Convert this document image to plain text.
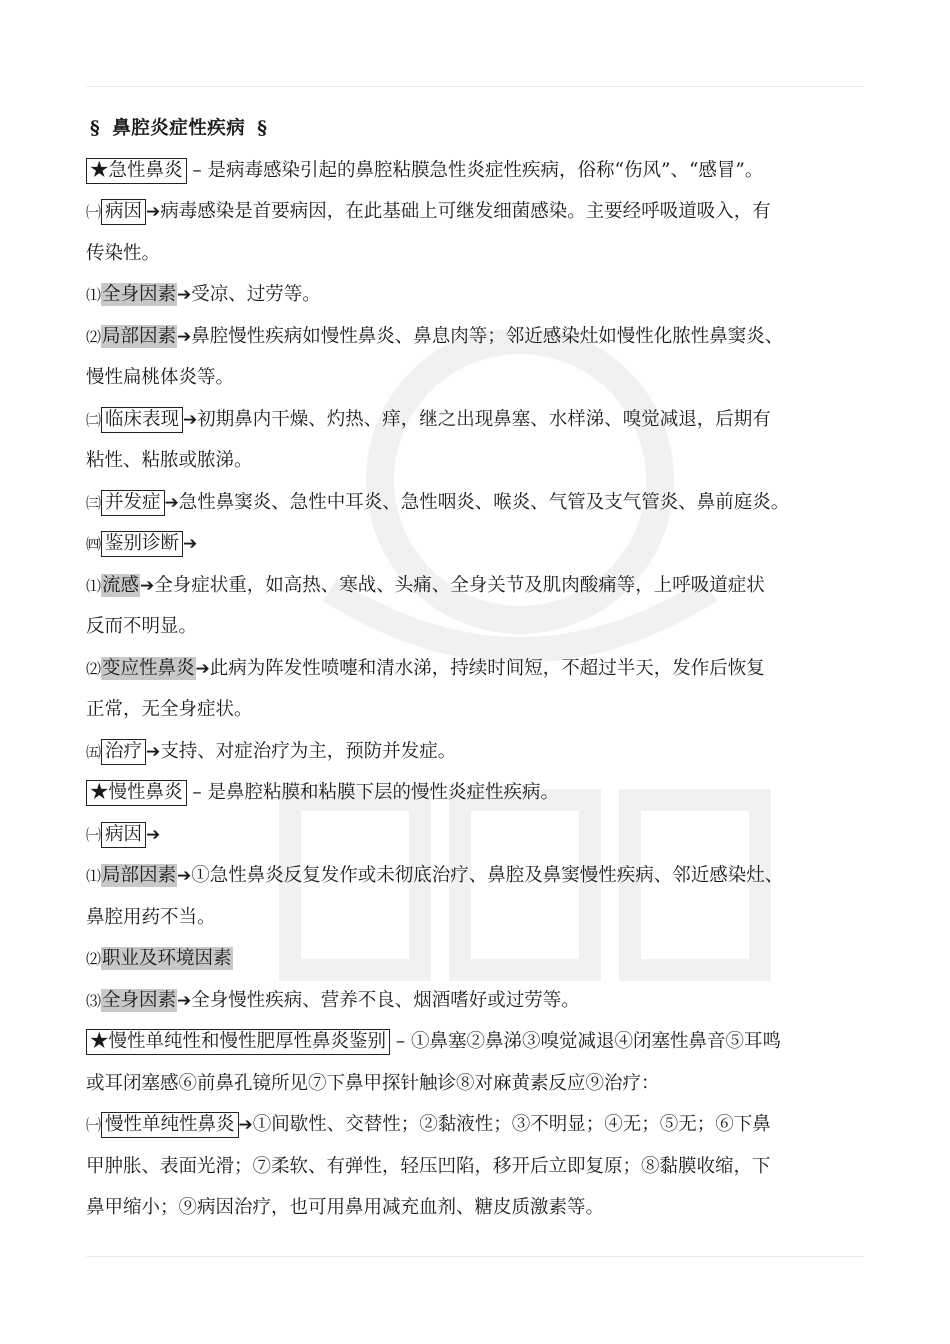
§ 鼻腔炎症性疾病 §
★急性鼻炎 – 是病毒感染引起的鼻腔粘膜急性炎症性疾病，俗称“伤风”、“感冒”。
㈠ 病因 ➔病毒感染是首要病因，在此基础上可继发细菌感染。主要经呼吸道吸入，有
传染性。
⑴全身因素➔受凉、过劳等。
⑵局部因素➔鼻腔慢性疾病如慢性鼻炎、鼻息肉等；邻近感染灶如慢性化脓性鼻窦炎、
慢性扁桃体炎等。
㈡ 临床表现 ➔初期鼻内干燥、灼热、痒，继之出现鼻塞、水样涕、嗅觉减退，后期有
粘性、粘脓或脓涕。
㈢ 并发症 ➔急性鼻窦炎、急性中耳炎、急性咽炎、喉炎、气管及支气管炎、鼻前庭炎。
㈣ 鉴别诊断 ➔
⑴流感➔全身症状重，如高热、寒战、头痛、全身关节及肌肉酸痛等，上呼吸道症状
反而不明显。
⑵变应性鼻炎➔此病为阵发性喷嚏和清水涕，持续时间短，不超过半天，发作后恢复
正常，无全身症状。
㈤ 治疗 ➔支持、对症治疗为主，预防并发症。
★慢性鼻炎 – 是鼻腔粘膜和粘膜下层的慢性炎症性疾病。
㈠ 病因 ➔
⑴局部因素➔①急性鼻炎反复发作或未彻底治疗、鼻腔及鼻窦慢性疾病、邻近感染灶、
鼻腔用药不当。
⑵职业及环境因素
⑶全身因素➔全身慢性疾病、营养不良、烟酒嗜好或过劳等。
★慢性单纯性和慢性肥厚性鼻炎鉴别 – ①鼻塞②鼻涕③嗅觉减退④闭塞性鼻音⑤耳鸣
或耳闭塞感⑥前鼻孔镜所见⑦下鼻甲探针触诊⑧对麻黄素反应⑨治疗：
㈠ 慢性单纯性鼻炎 ➔①间歇性、交替性；②黏液性；③不明显；④无；⑤无；⑥下鼻
甲肿胀、表面光滑；⑦柔软、有弹性，轻压凹陷，移开后立即复原；⑧黏膜收缩，下
鼻甲缩小；⑨病因治疗，也可用鼻用减充血剂、糖皮质激素等。
